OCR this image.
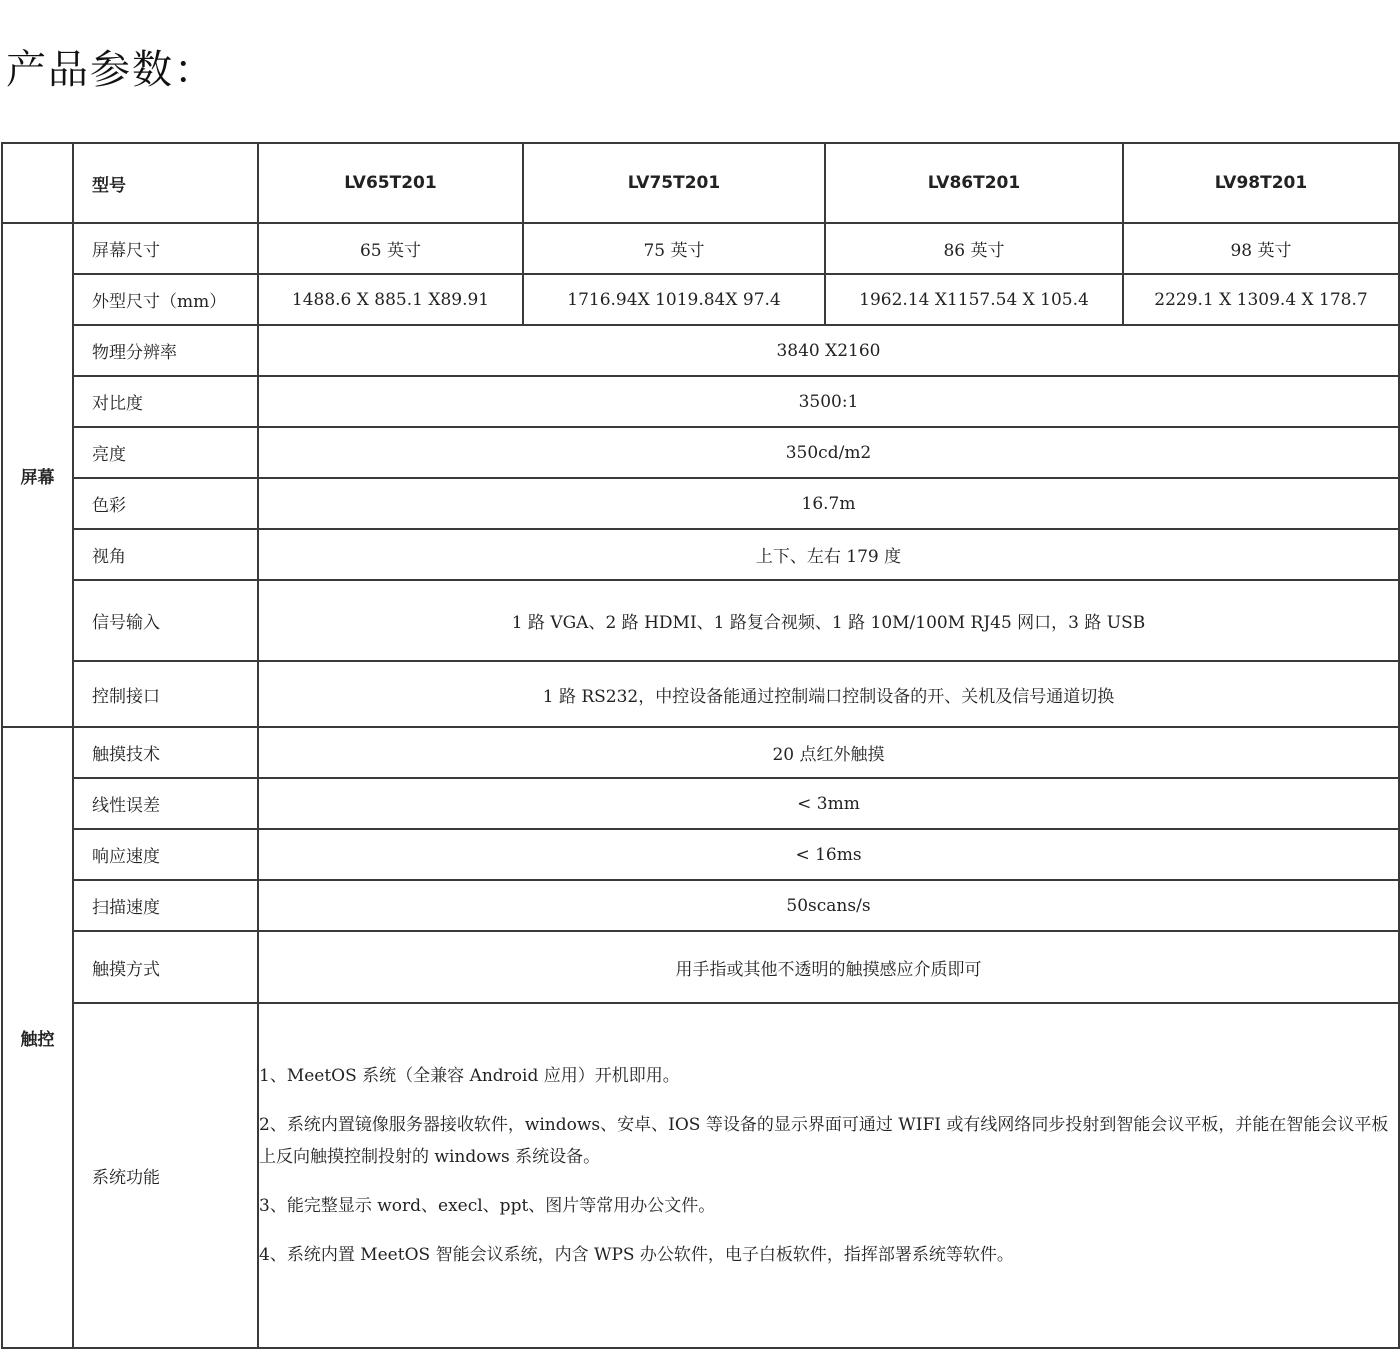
产品参数：
	型号	LV65T201	LV75T201	LV86T201	LV98T201
屏幕	屏幕尺寸	65 英寸	75 英寸	86 英寸	98 英寸
	外型尺寸（mm）	1488.6 X 885.1 X89.91	1716.94X 1019.84X 97.4	1962.14 X1157.54 X 105.4	2229.1 X 1309.4 X 178.7
	物理分辨率	3840 X2160			
	对比度	3500:1			
	亮度	350cd/m2			
	色彩	16.7m			
	视角	上下、左右 179 度			
	信号输入	1 路 VGA、2 路 HDMI、1 路复合视频、1 路 10M/100M RJ45 网口，3 路 USB			
	控制接口	1 路 RS232，中控设备能通过控制端口控制设备的开、关机及信号通道切换			
触控	触摸技术	20 点红外触摸			
	线性误差	< 3mm			
	响应速度	< 16ms			
	扫描速度	50scans/s			
	触摸方式	用手指或其他不透明的触摸感应介质即可			
	系统功能	1、MeetOS 系统（全兼容 Android 应用）开机即用。

2、系统内置镜像服务器接收软件，windows、安卓、IOS 等设备的显示界面可通过 WIFI 或有线网络同步投射到智能会议平板，并能在智能会议平板上反向触摸控制投射的 windows 系统设备。

3、能完整显示 word、execl、ppt、图片等常用办公文件。

4、系统内置 MeetOS 智能会议系统，内含 WPS 办公软件，电子白板软件，指挥部署系统等软件。			
